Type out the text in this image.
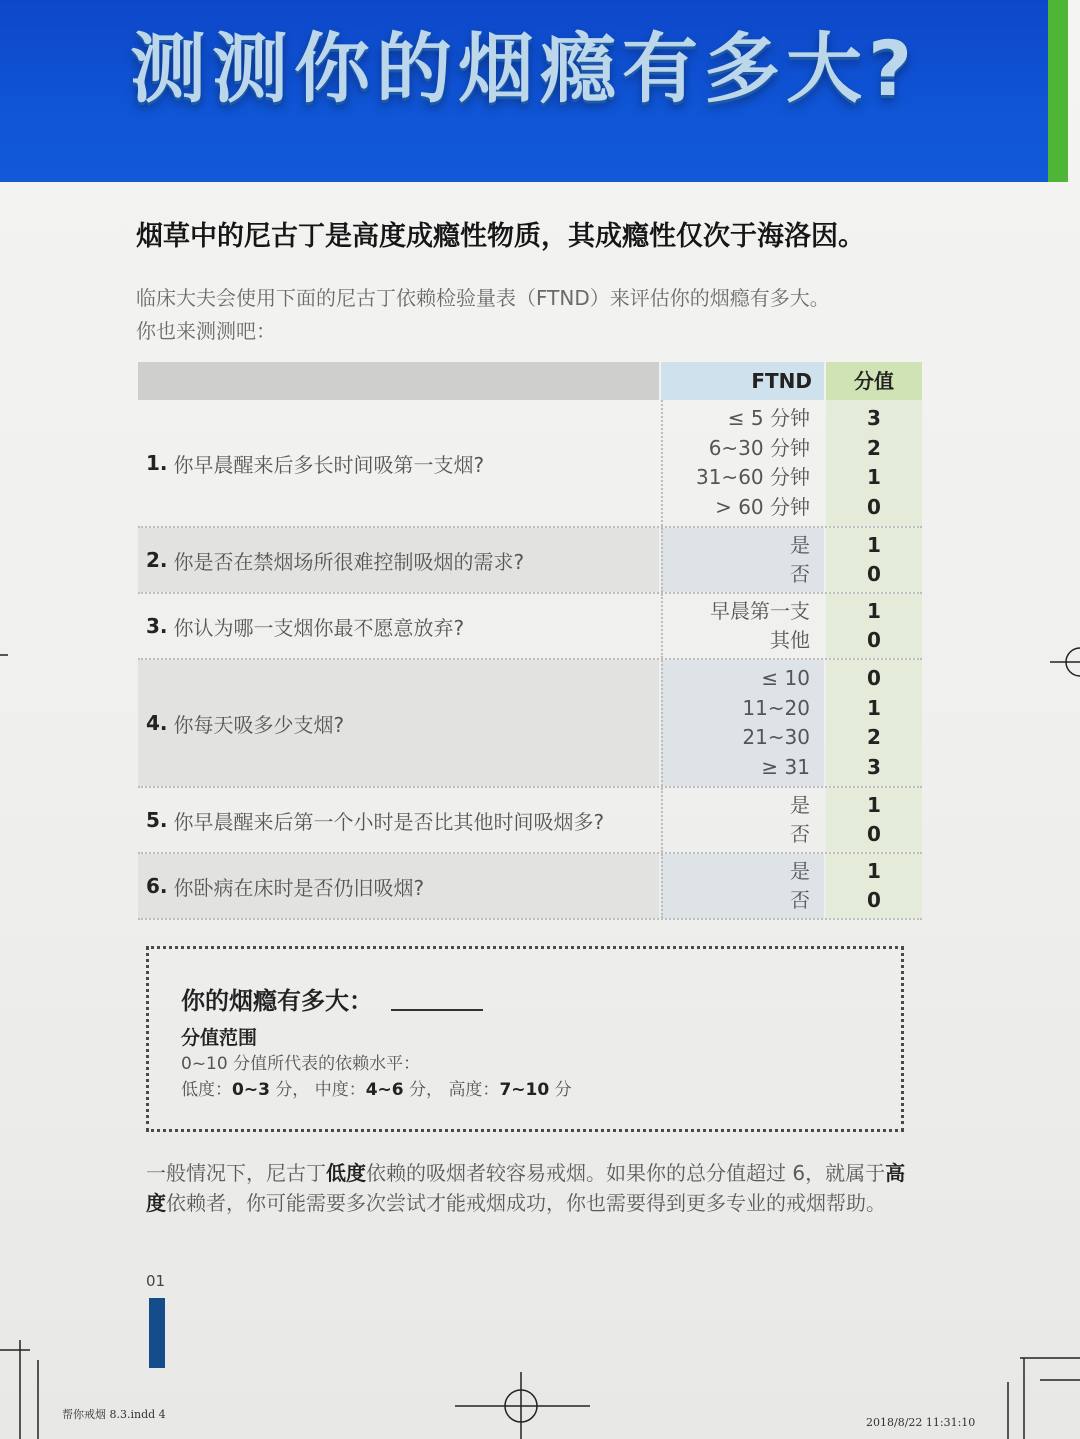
测测你的烟瘾有多大?
烟草中的尼古丁是高度成瘾性物质，其成瘾性仅次于海洛因。
临床大夫会使用下面的尼古丁依赖检验量表（FTND）来评估你的烟瘾有多大。
你也来测测吧：
FTND	分值
1. 你早晨醒来后多长时间吸第一支烟?
≤ 5 分钟
6~30 分钟
31~60 分钟
> 60 分钟
3
2
1
0
2. 你是否在禁烟场所很难控制吸烟的需求?
是
否
1
0
3. 你认为哪一支烟你最不愿意放弃?
早晨第一支
其他
1
0
4. 你每天吸多少支烟?
≤ 10
11~20
21~30
≥ 31
0
1
2
3
5. 你早晨醒来后第一个小时是否比其他时间吸烟多?
是
否
1
0
6. 你卧病在床时是否仍旧吸烟?
是
否
1
0
你的烟瘾有多大：
分值范围
0~10 分值所代表的依赖水平：
低度：0~3 分， 中度：4~6 分， 高度：7~10 分
一般情况下，尼古丁低度依赖的吸烟者较容易戒烟。如果你的总分值超过 6，就属于高度依赖者，你可能需要多次尝试才能戒烟成功，你也需要得到更多专业的戒烟帮助。
01
帮你戒烟 8.3.indd 4
2018/8/22 11:31:10
